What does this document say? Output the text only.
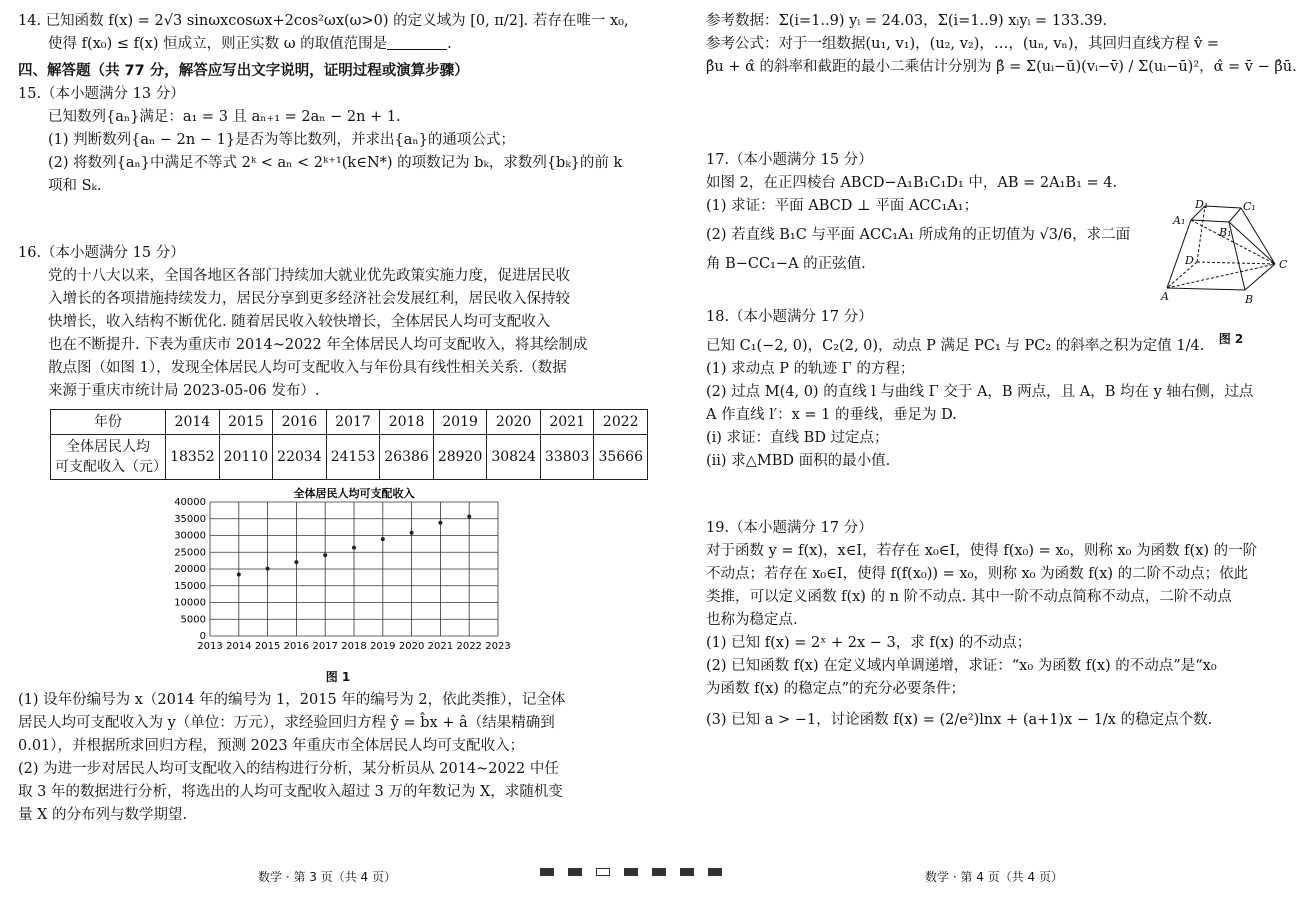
14. 已知函数 f(x) = 2√3 sinωxcosωx+2cos²ωx(ω>0) 的定义域为 [0, π/2]. 若存在唯一 x₀,
使得 f(x₀) ≤ f(x) 恒成立，则正实数 ω 的取值范围是	.
四、解答题（共 77 分，解答应写出文字说明，证明过程或演算步骤）
15.（本小题满分 13 分）
已知数列{aₙ}满足：a₁ = 3 且 aₙ₊₁ = 2aₙ − 2n + 1.
(1) 判断数列{aₙ − 2n − 1}是否为等比数列，并求出{aₙ}的通项公式；
(2) 将数列{aₙ}中满足不等式 2ᵏ < aₙ < 2ᵏ⁺¹(k∈N*) 的项数记为 bₖ，求数列{bₖ}的前 k
项和 Sₖ.
16.（本小题满分 15 分）
党的十八大以来，全国各地区各部门持续加大就业优先政策实施力度，促进居民收
入增长的各项措施持续发力，居民分享到更多经济社会发展红利，居民收入保持较
快增长，收入结构不断优化. 随着居民收入较快增长，全体居民人均可支配收入
也在不断提升. 下表为重庆市 2014~2022 年全体居民人均可支配收入，将其绘制成
散点图（如图 1），发现全体居民人均可支配收入与年份具有线性相关关系.（数据
来源于重庆市统计局 2023-05-06 发布）.
年份	2014	2015	2016	2017	2018	2019	2020	2021	2022

全体居民人均
可支配收入（元）	18352	20110	22034	24153	26386	28920	30824	33803	35666
全体居民人均可支配收入
2013 2014 2015 2016 2017 2018 2019 2020 2021 2022 2023
0
5000
10000
15000
20000
25000
30000
35000
40000
图 1
(1) 设年份编号为 x（2014 年的编号为 1，2015 年的编号为 2，依此类推），记全体
居民人均可支配收入为 y（单位：万元），求经验回归方程 ŷ = b̂x + â（结果精确到
0.01），并根据所求回归方程，预测 2023 年重庆市全体居民人均可支配收入；
(2) 为进一步对居民人均可支配收入的结构进行分析，某分析员从 2014~2022 中任
取 3 年的数据进行分析，将选出的人均可支配收入超过 3 万的年数记为 X，求随机变
量 X 的分布列与数学期望.
参考数据：Σ(i=1..9) yᵢ = 24.03，Σ(i=1..9) xᵢyᵢ = 133.39.
参考公式：对于一组数据(u₁, v₁)，(u₂, v₂)，…，(uₙ, vₙ)，其回归直线方程 v̂ =
β̂u + α̂ 的斜率和截距的最小二乘估计分别为 β̂ = Σ(uᵢ−ū)(vᵢ−v̄) / Σ(uᵢ−ū)²，α̂ = v̄ − β̂ū.
17.（本小题满分 15 分）
如图 2，在正四棱台 ABCD−A₁B₁C₁D₁ 中，AB = 2A₁B₁ = 4.
(1) 求证：平面 ABCD ⊥ 平面 ACC₁A₁；
(2) 若直线 B₁C 与平面 ACC₁A₁ 所成角的正切值为 √3/6，求二面
角 B−CC₁−A 的正弦值.
18.（本小题满分 17 分）
已知 C₁(−2, 0)，C₂(2, 0)，动点 P 满足 PC₁ 与 PC₂ 的斜率之积为定值 1/4.
(1) 求动点 P 的轨迹 Γ 的方程；
(2) 过点 M(4, 0) 的直线 l 与曲线 Γ 交于 A，B 两点，且 A，B 均在 y 轴右侧，过点
A 作直线 l′：x = 1 的垂线，垂足为 D.
(ⅰ) 求证：直线 BD 过定点；
(ⅱ) 求△MBD 面积的最小值.
19.（本小题满分 17 分）
对于函数 y = f(x)，x∈I，若存在 x₀∈I，使得 f(x₀) = x₀，则称 x₀ 为函数 f(x) 的一阶
不动点；若存在 x₀∈I，使得 f(f(x₀)) = x₀，则称 x₀ 为函数 f(x) 的二阶不动点；依此
类推，可以定义函数 f(x) 的 n 阶不动点. 其中一阶不动点简称不动点，二阶不动点
也称为稳定点.
(1) 已知 f(x) = 2ˣ + 2x − 3，求 f(x) 的不动点；
(2) 已知函数 f(x) 在定义域内单调递增，求证：“x₀ 为函数 f(x) 的不动点”是“x₀
为函数 f(x) 的稳定点”的充分必要条件；
(3) 已知 a > −1，讨论函数 f(x) = (2/e²)lnx + (a+1)x − 1/x 的稳定点个数.
A	B
C
D
A₁
B₁
C₁
D₁
图 2
数学 · 第 3 页（共 4 页）	数学 · 第 4 页（共 4 页）
